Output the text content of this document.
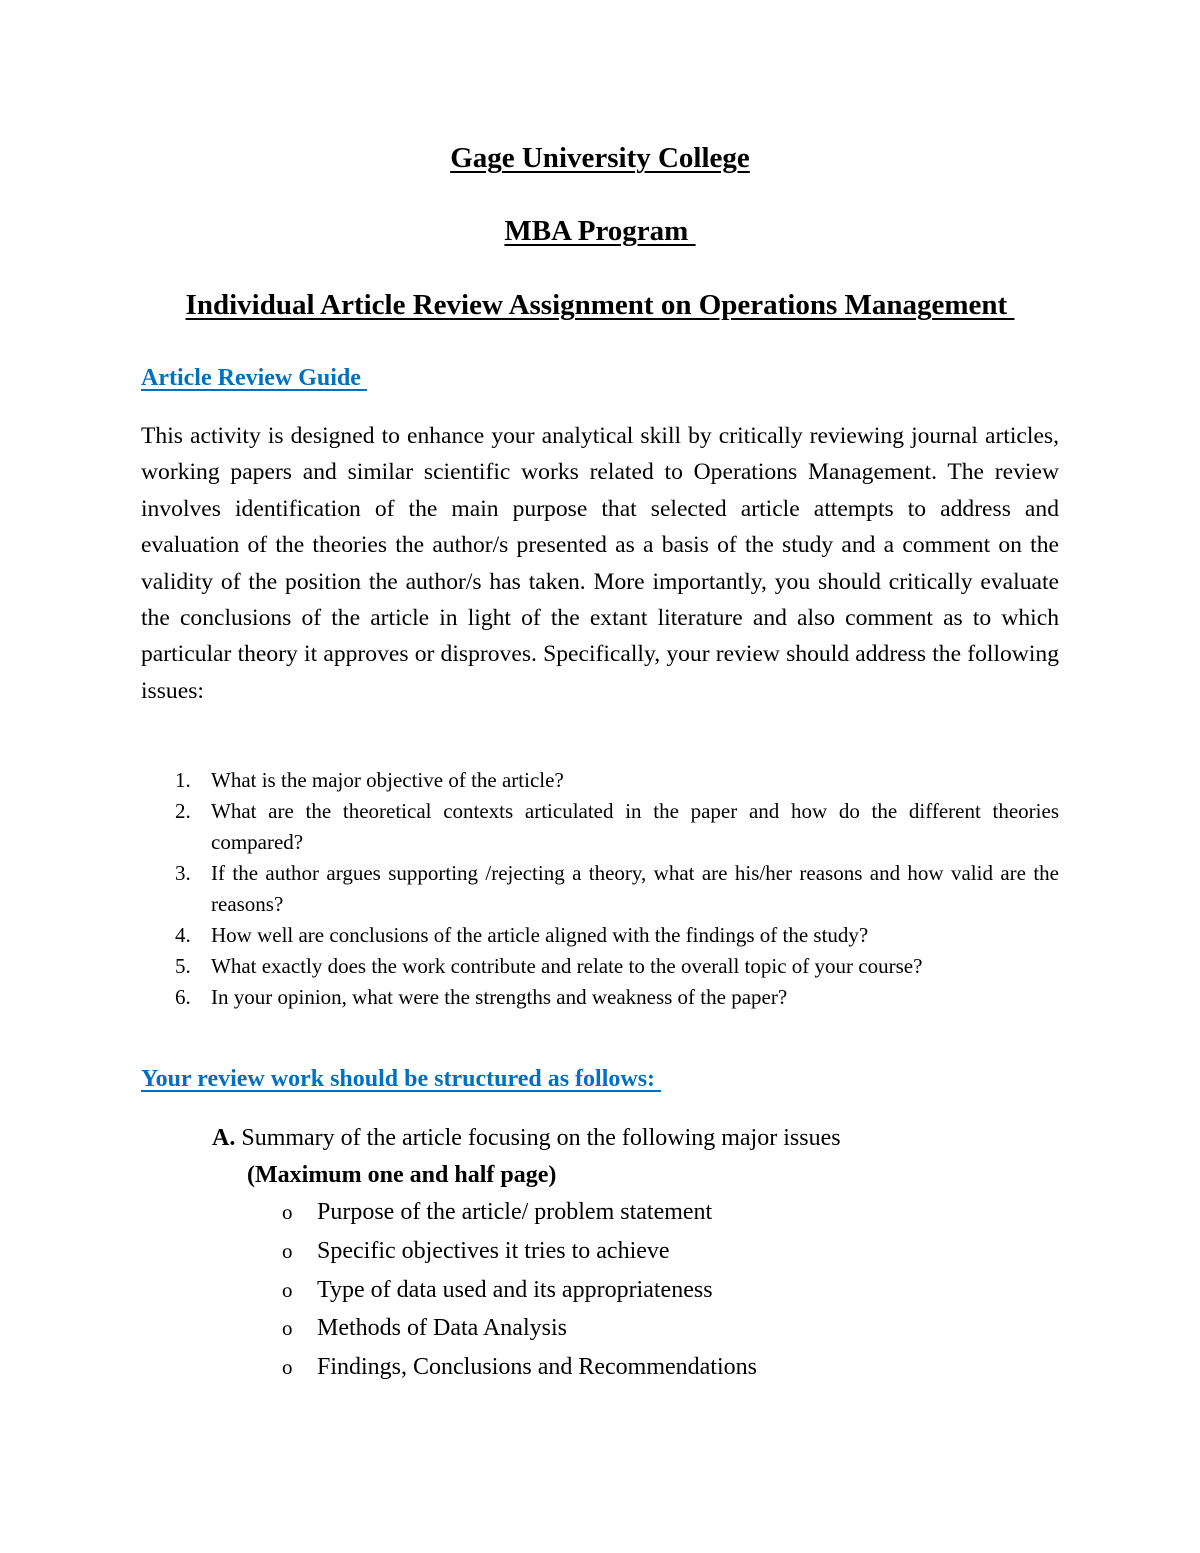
Gage University College
MBA Program
Individual Article Review Assignment on Operations Management
Article Review Guide
This activity is designed to enhance your analytical skill by critically reviewing journal articles, working papers and similar scientific works related to Operations Management. The review involves identification of the main purpose that selected article attempts to address and evaluation of the theories the author/s presented as a basis of the study and a comment on the validity of the position the author/s has taken. More importantly, you should critically evaluate the conclusions of the article in light of the extant literature and also comment as to which particular theory it approves or disproves. Specifically, your review should address the following issues:
1. What is the major objective of the article?
2. What are the theoretical contexts articulated in the paper and how do the different theories compared?
3. If the author argues supporting /rejecting a theory, what are his/her reasons and how valid are the reasons?
4. How well are conclusions of the article aligned with the findings of the study?
5. What exactly does the work contribute and relate to the overall topic of your course?
6. In your opinion, what were the strengths and weakness of the paper?
Your review work should be structured as follows:
A. Summary of the article focusing on the following major issues
(Maximum one and half page)
o Purpose of the article/ problem statement
o Specific objectives it tries to achieve
o Type of data used and its appropriateness
o Methods of Data Analysis
o Findings, Conclusions and Recommendations
